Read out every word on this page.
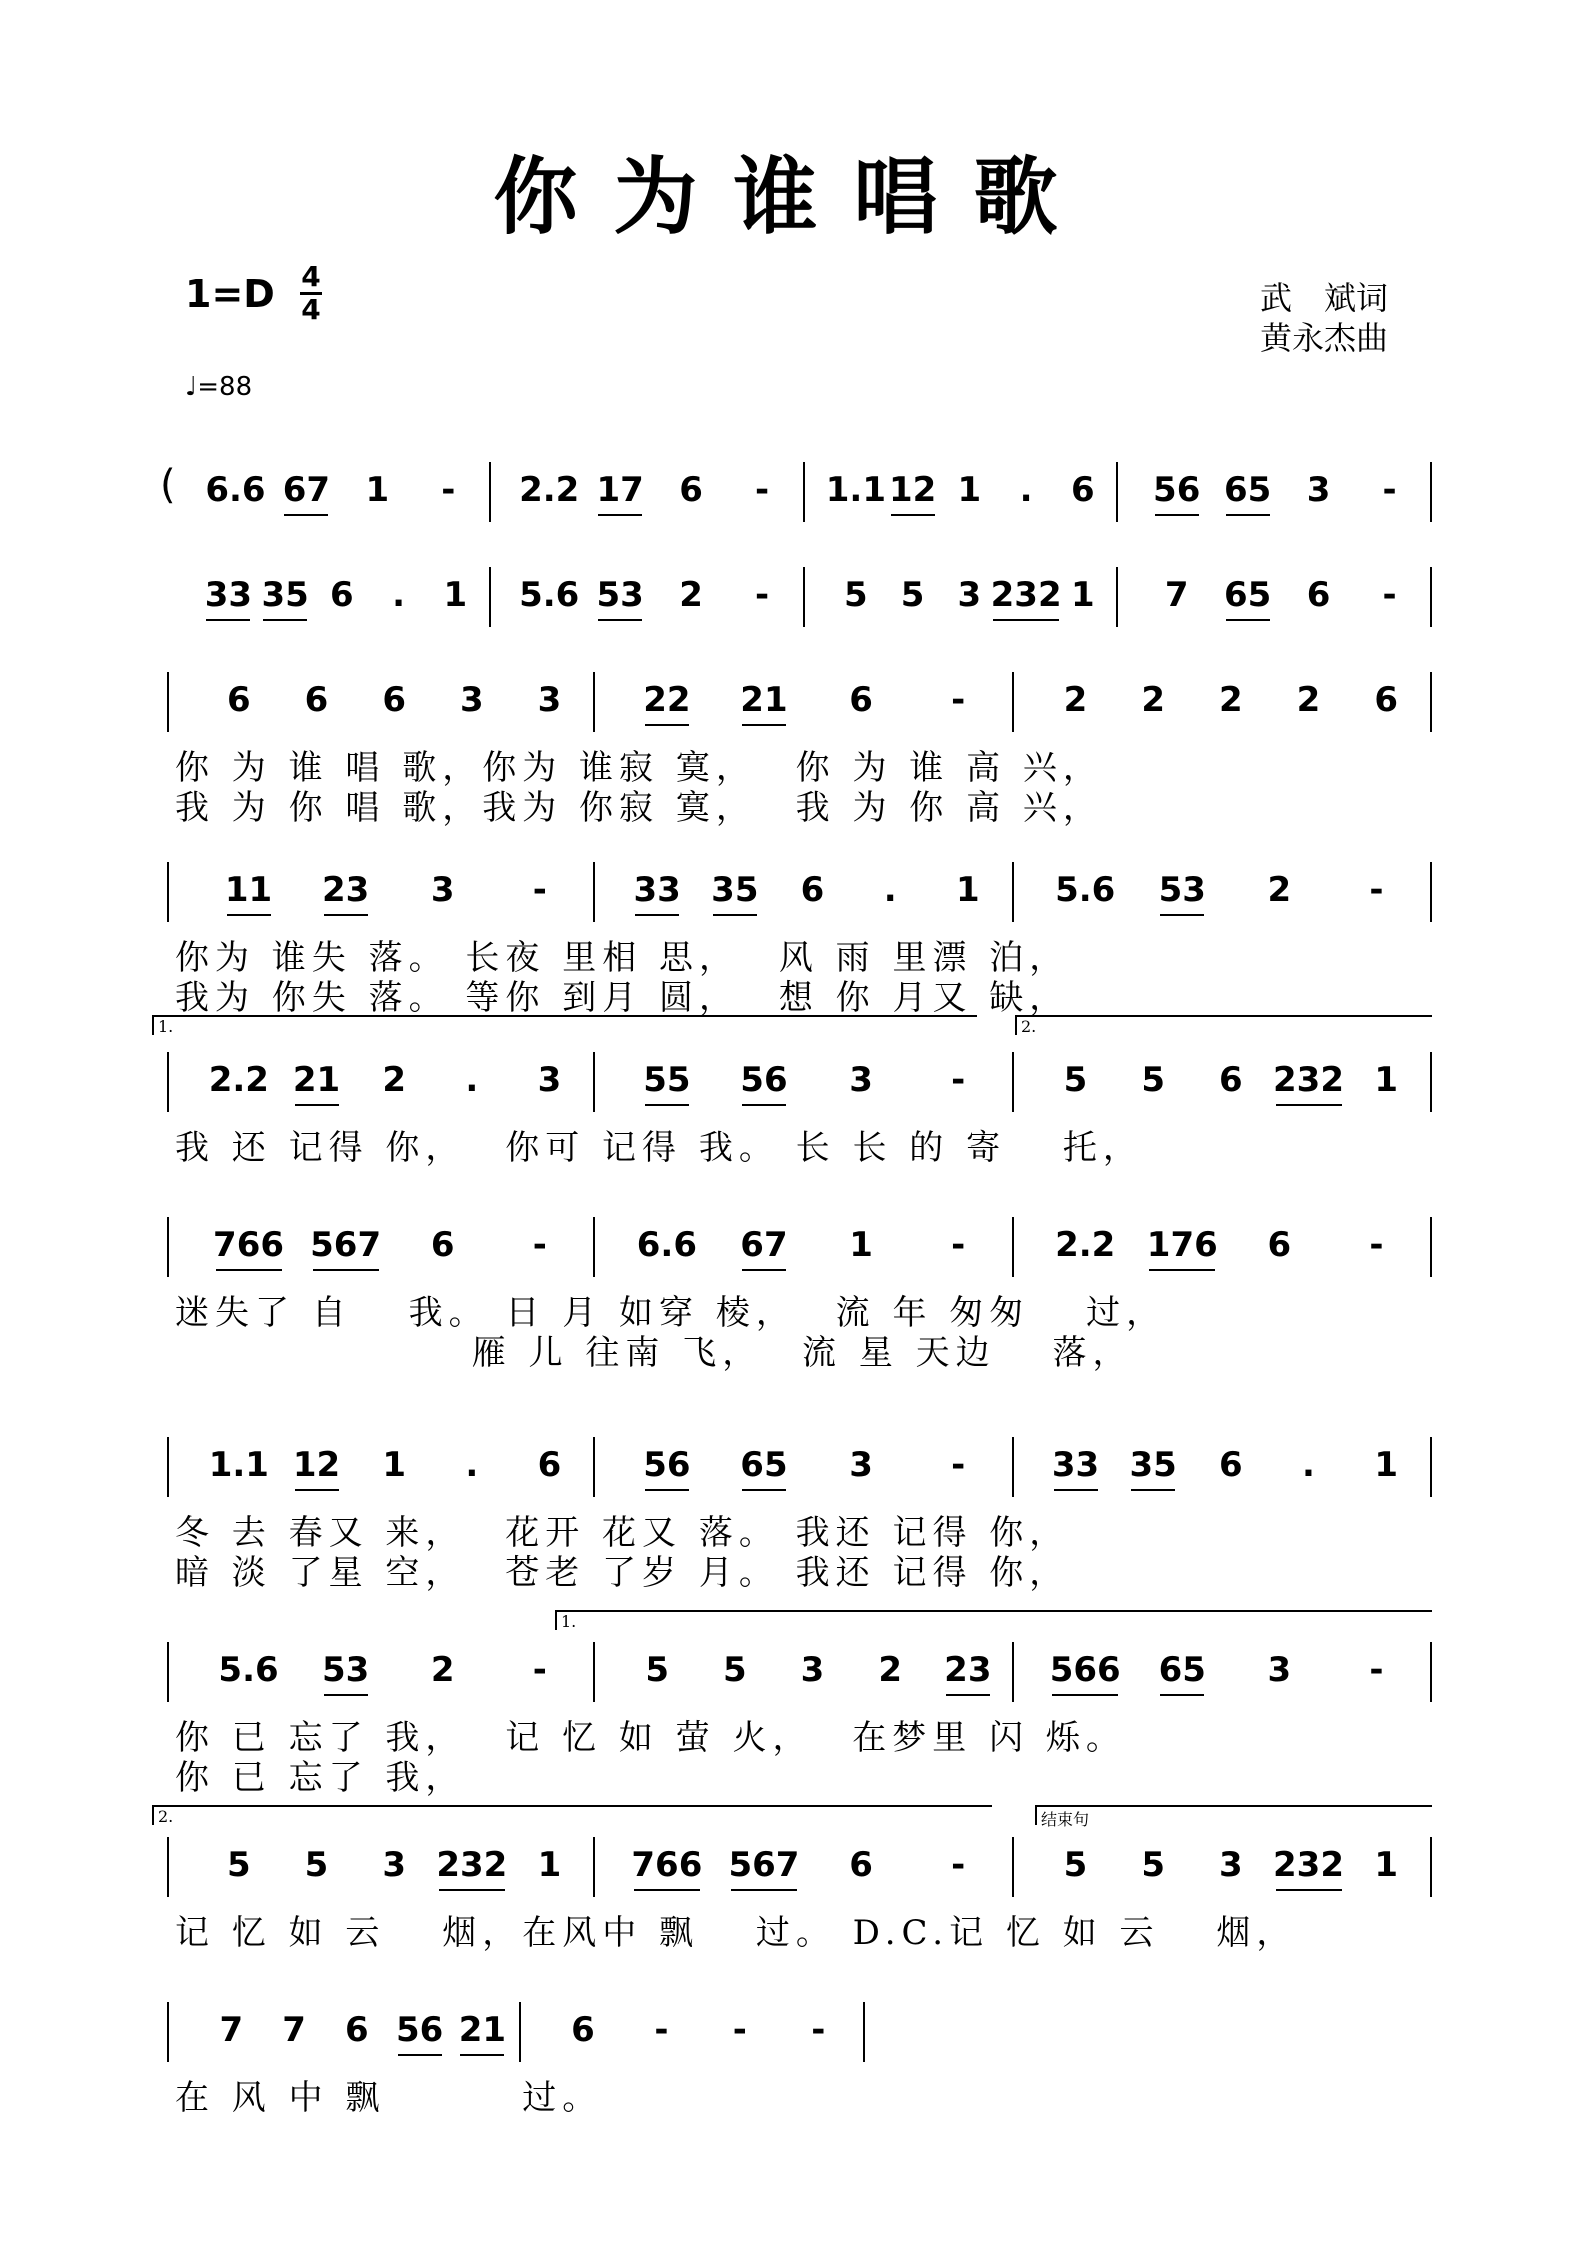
你为谁唱歌
1=D 4
4	武　斌词
黄永杰曲
♩=88
6.6 67 1 - 2.2 17 6 - 1.1 12 1 . 6 56 65 3 -
33 35 6 . 1 5.6 53 2 - 5 5 3 232 1 7 65 6 -
6 6 6 3 3 22 21 6 -	2 2 2 2 6
你 为 谁 唱 歌，你为 谁寂 寞，　 你 为 谁 高 兴，
我 为 你 唱 歌，我为 你寂 寞，　 我 为 你 高 兴，
11 23 3 -	33 35 6 . 1 5.6 53 2 -
你为 谁失 落。 长夜 里相 思，　 风 雨 里漂 泊，
我为 你失 落。 等你 到月 圆，　 想 你 月又 缺，
2.2 21 2 . 3 55 56 3 -	5 5 6 232 1
我 还 记得 你，　 你可 记得 我。 长 长 的 寄　 托，
766 567 6 -	6.6 67 1 -	2.2 176 6 -
迷失了 自　 我。 日 月 如穿 棱，　 流 年 匆匆　 过，
　　　　　　　 雁 儿 往南 飞，　 流 星 天边　 落，
1.1 12 1 . 6 56 65 3 -	33 35 6 . 1
冬 去 春又 来，　 花开 花又 落。 我还 记得 你，
暗 淡 了星 空，　 苍老 了岁 月。 我还 记得 你，
5.6 53 2 -	5 5 3 2 23 566 65 3 -
你 已 忘了 我，　 记 忆 如 萤 火，　 在梦里 闪 烁。
你 已 忘了 我，
5 5 3 232 1 766 567 6 -	5 5 3 232 1
记 忆 如 云　 烟，在风中 飘　 过。 D.C.记 忆 如 云　 烟，
7 7 6 56 21 6 - - -
在 风 中 飘　　　 过。
1.	2.
1.
2.	结束句
(
